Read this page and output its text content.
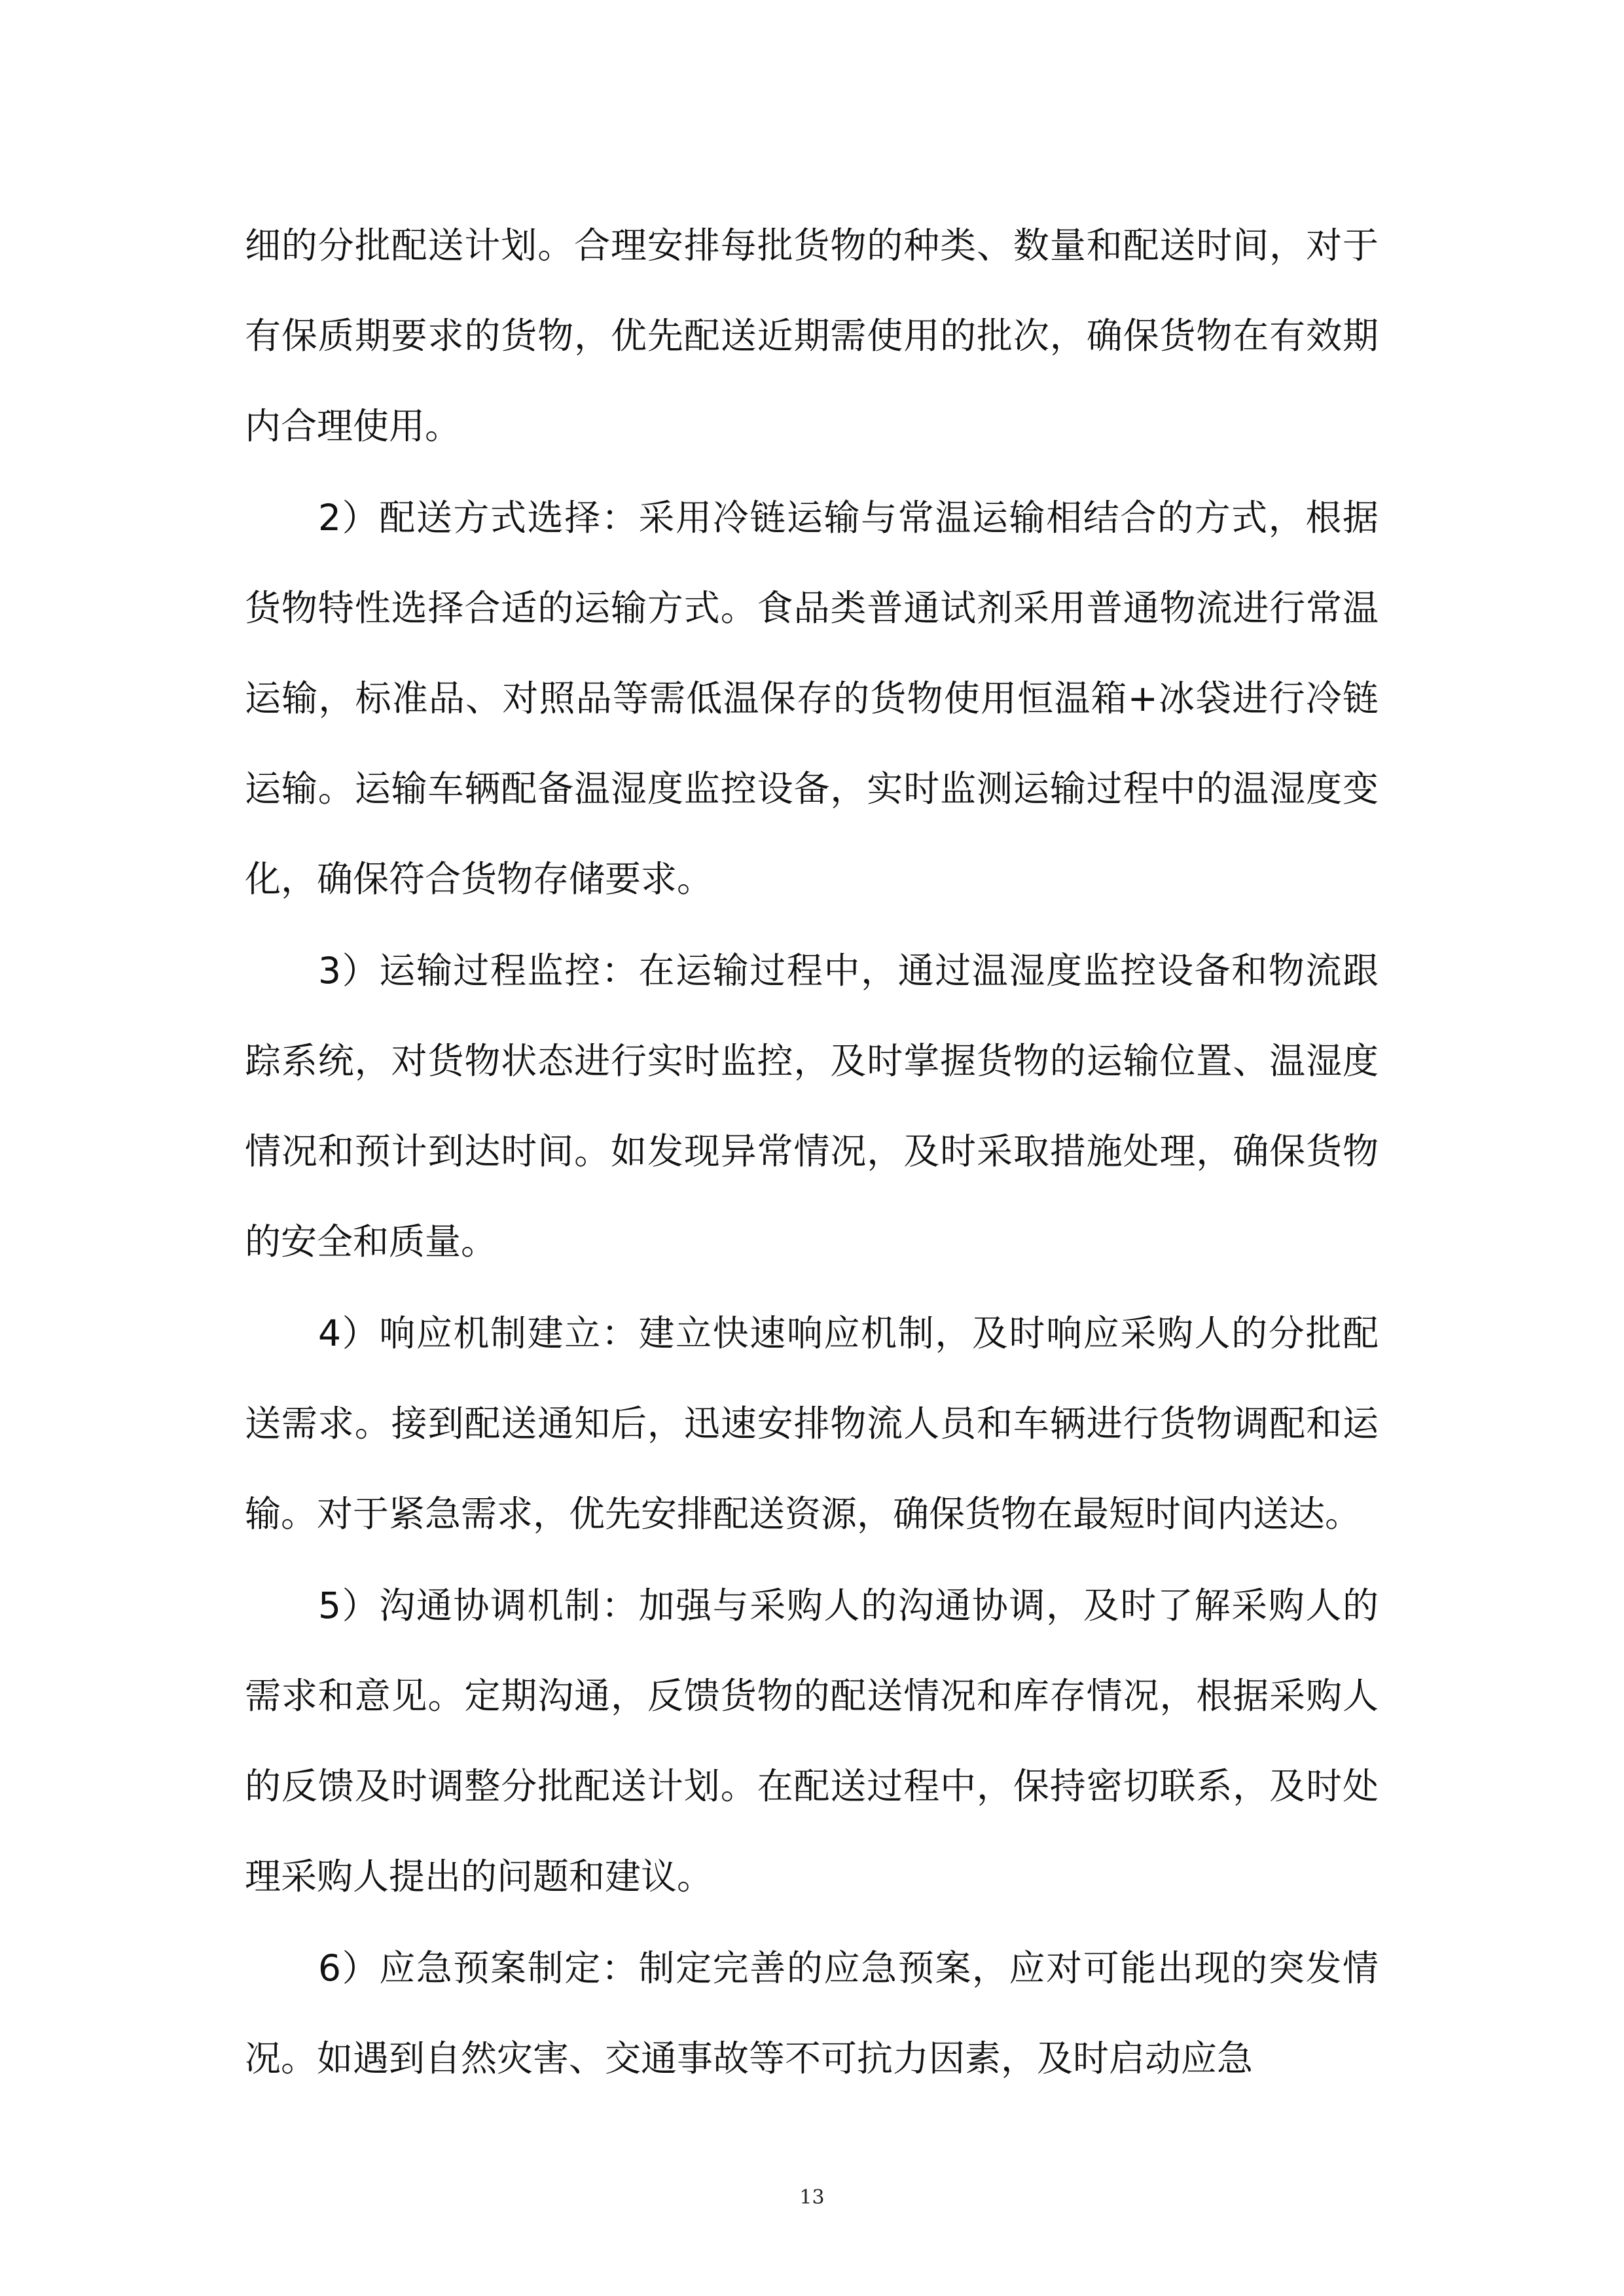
细的分批配送计划。合理安排每批货物的种类、数量和配送时间，对于有保质期要求的货物，优先配送近期需使用的批次，确保货物在有效期内合理使用。

2）配送方式选择：采用冷链运输与常温运输相结合的方式，根据货物特性选择合适的运输方式。食品类普通试剂采用普通物流进行常温运输，标准品、对照品等需低温保存的货物使用恒温箱+冰袋进行冷链运输。运输车辆配备温湿度监控设备，实时监测运输过程中的温湿度变化，确保符合货物存储要求。

3）运输过程监控：在运输过程中，通过温湿度监控设备和物流跟踪系统，对货物状态进行实时监控，及时掌握货物的运输位置、温湿度情况和预计到达时间。如发现异常情况，及时采取措施处理，确保货物的安全和质量。

4）响应机制建立：建立快速响应机制，及时响应采购人的分批配送需求。接到配送通知后，迅速安排物流人员和车辆进行货物调配和运输。对于紧急需求，优先安排配送资源，确保货物在最短时间内送达。

5）沟通协调机制：加强与采购人的沟通协调，及时了解采购人的需求和意见。定期沟通，反馈货物的配送情况和库存情况，根据采购人的反馈及时调整分批配送计划。在配送过程中，保持密切联系，及时处理采购人提出的问题和建议。

6）应急预案制定：制定完善的应急预案，应对可能出现的突发情况。如遇到自然灾害、交通事故等不可抗力因素，及时启动应急

13
